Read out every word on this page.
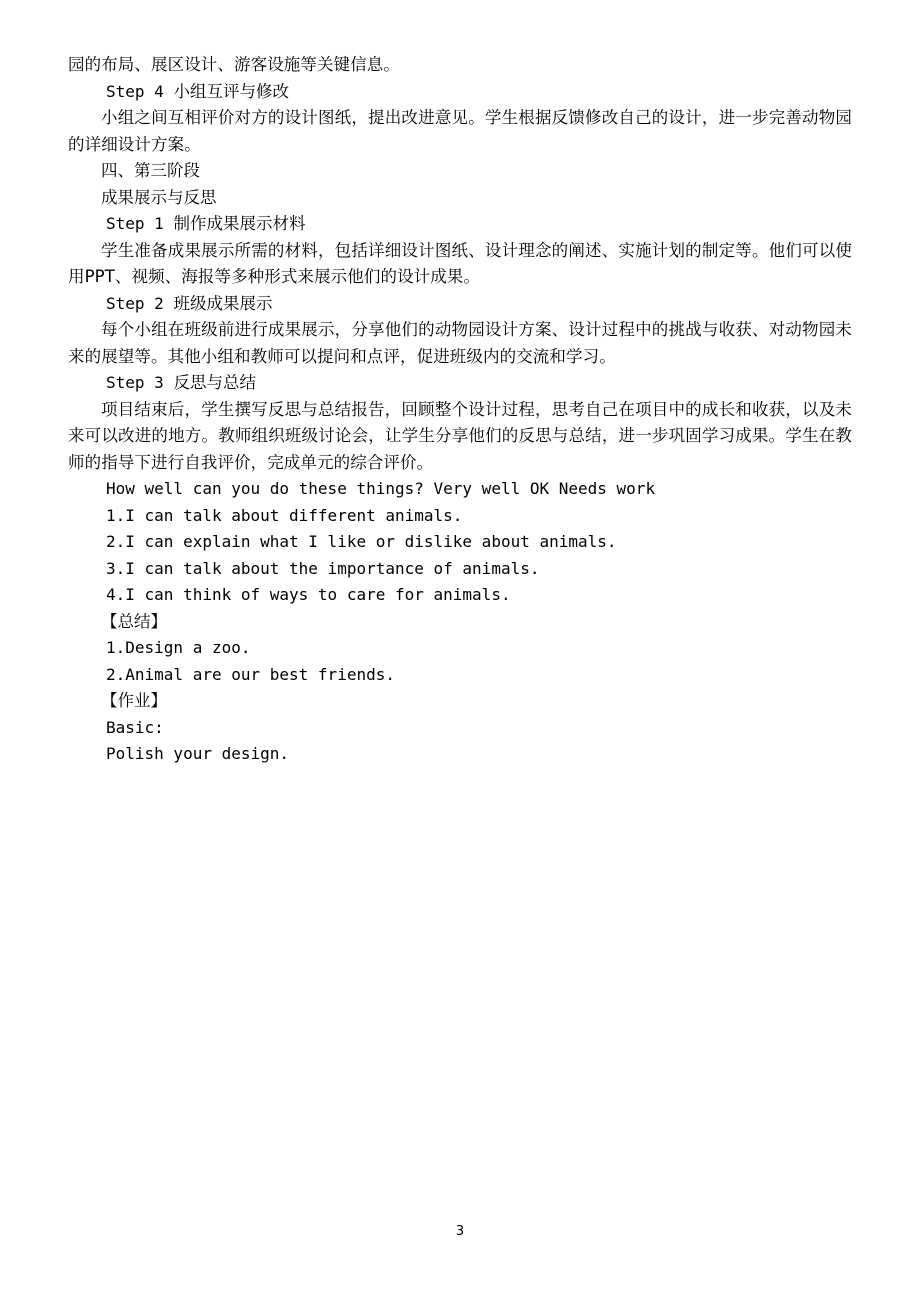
园的布局、展区设计、游客设施等关键信息。

Step 4 小组互评与修改

小组之间互相评价对方的设计图纸，提出改进意见。学生根据反馈修改自己的设计，进一步完善动物园的详细设计方案。

四、第三阶段

成果展示与反思

Step 1 制作成果展示材料

学生准备成果展示所需的材料，包括详细设计图纸、设计理念的阐述、实施计划的制定等。他们可以使用PPT、视频、海报等多种形式来展示他们的设计成果。

Step 2 班级成果展示

每个小组在班级前进行成果展示，分享他们的动物园设计方案、设计过程中的挑战与收获、对动物园未来的展望等。其他小组和教师可以提问和点评，促进班级内的交流和学习。

Step 3 反思与总结

项目结束后，学生撰写反思与总结报告，回顾整个设计过程，思考自己在项目中的成长和收获，以及未来可以改进的地方。教师组织班级讨论会，让学生分享他们的反思与总结，进一步巩固学习成果。学生在教师的指导下进行自我评价，完成单元的综合评价。

How well can you do these things? Very well OK Needs work

1.I can talk about different animals.

2.I can explain what I like or dislike about animals.

3.I can talk about the importance of animals.

4.I can think of ways to care for animals.

【总结】

1.Design a zoo.

2.Animal are our best friends.

【作业】

Basic:

Polish your design.

3
